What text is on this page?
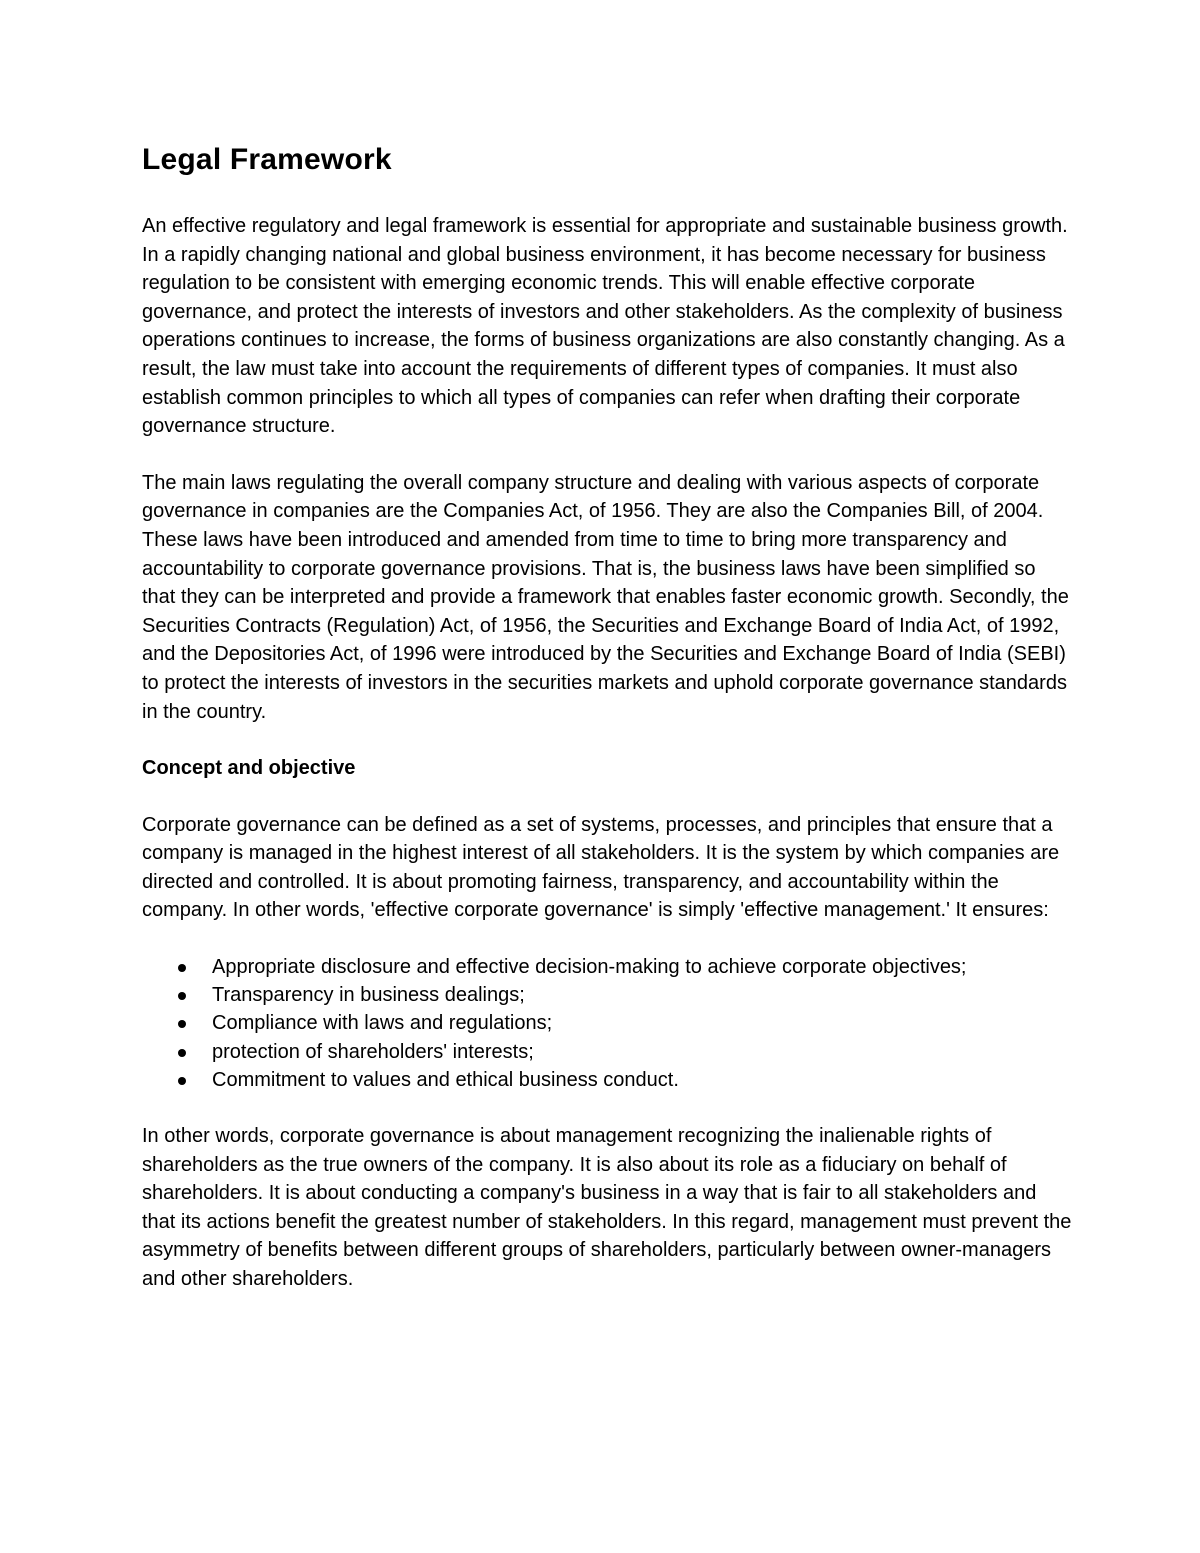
Legal Framework

An effective regulatory and legal framework is essential for appropriate and sustainable business growth. In a rapidly changing national and global business environment, it has become necessary for business regulation to be consistent with emerging economic trends. This will enable effective corporate governance, and protect the interests of investors and other stakeholders. As the complexity of business operations continues to increase, the forms of business organizations are also constantly changing. As a result, the law must take into account the requirements of different types of companies. It must also establish common principles to which all types of companies can refer when drafting their corporate governance structure.

The main laws regulating the overall company structure and dealing with various aspects of corporate governance in companies are the Companies Act, of 1956. They are also the Companies Bill, of 2004. These laws have been introduced and amended from time to time to bring more transparency and accountability to corporate governance provisions. That is, the business laws have been simplified so that they can be interpreted and provide a framework that enables faster economic growth. Secondly, the Securities Contracts (Regulation) Act, of 1956, the Securities and Exchange Board of India Act, of 1992, and the Depositories Act, of 1996 were introduced by the Securities and Exchange Board of India (SEBI) to protect the interests of investors in the securities markets and uphold corporate governance standards in the country.

Concept and objective

Corporate governance can be defined as a set of systems, processes, and principles that ensure that a company is managed in the highest interest of all stakeholders. It is the system by which companies are directed and controlled. It is about promoting fairness, transparency, and accountability within the company. In other words, 'effective corporate governance' is simply 'effective management.' It ensures:

Appropriate disclosure and effective decision-making to achieve corporate objectives;
Transparency in business dealings;
Compliance with laws and regulations;
protection of shareholders' interests;
Commitment to values and ethical business conduct.

In other words, corporate governance is about management recognizing the inalienable rights of shareholders as the true owners of the company. It is also about its role as a fiduciary on behalf of shareholders. It is about conducting a company's business in a way that is fair to all stakeholders and that its actions benefit the greatest number of stakeholders. In this regard, management must prevent the asymmetry of benefits between different groups of shareholders, particularly between owner-managers and other shareholders.
